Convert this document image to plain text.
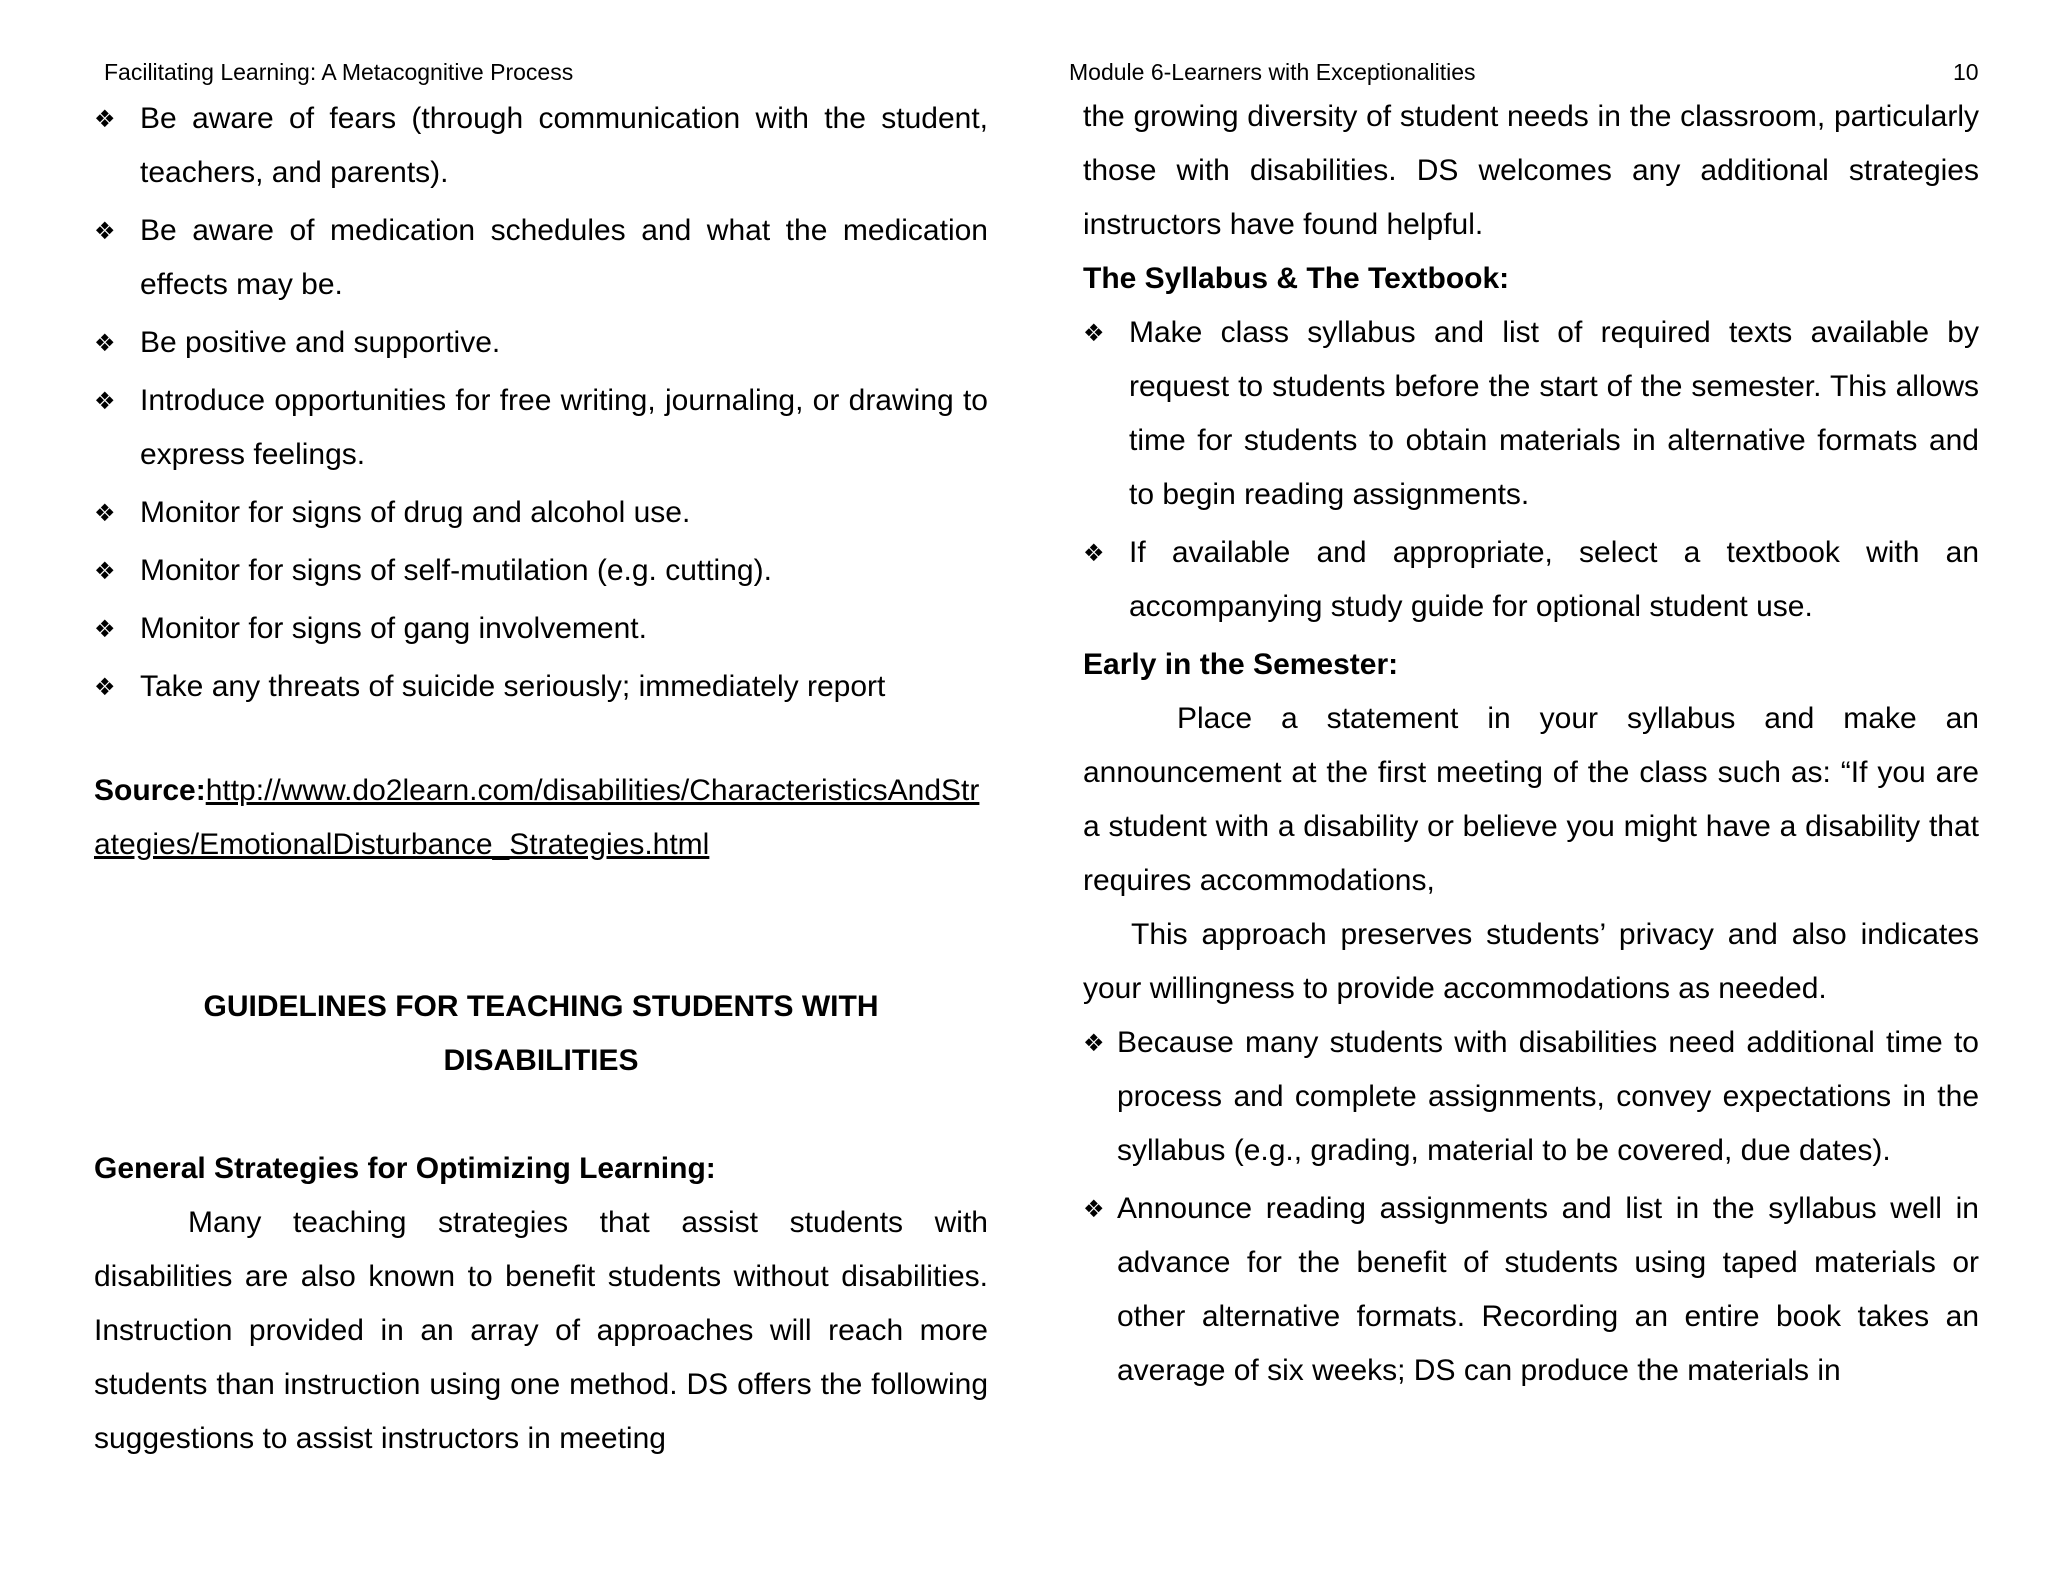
Facilitating Learning: A Metacognitive Process	Module 6-Learners with Exceptionalities	10
❖ Be aware of fears (through communication with the student, teachers, and parents).
❖ Be aware of medication schedules and what the medication effects may be.
❖ Be positive and supportive.
❖ Introduce opportunities for free writing, journaling, or drawing to express feelings.
❖ Monitor for signs of drug and alcohol use.
❖ Monitor for signs of self-mutilation (e.g. cutting).
❖ Monitor for signs of gang involvement.
❖ Take any threats of suicide seriously; immediately report

Source:http://www.do2learn.com/disabilities/CharacteristicsAndStrategies/EmotionalDisturbance_Strategies.html

GUIDELINES FOR TEACHING STUDENTS WITH
DISABILITIES

General Strategies for Optimizing Learning:

Many teaching strategies that assist students with disabilities are also known to benefit students without disabilities. Instruction provided in an array of approaches will reach more students than instruction using one method. DS offers the following suggestions to assist instructors in meeting

the growing diversity of student needs in the classroom, particularly those with disabilities. DS welcomes any additional strategies instructors have found helpful.

The Syllabus & The Textbook:

❖ Make class syllabus and list of required texts available by request to students before the start of the semester. This allows time for students to obtain materials in alternative formats and to begin reading assignments.
❖ If available and appropriate, select a textbook with an accompanying study guide for optional student use.

Early in the Semester:

Place a statement in your syllabus and make an announcement at the first meeting of the class such as: “If you are a student with a disability or believe you might have a disability that requires accommodations,

This approach preserves students’ privacy and also indicates your willingness to provide accommodations as needed.

❖ Because many students with disabilities need additional time to process and complete assignments, convey expectations in the syllabus (e.g., grading, material to be covered, due dates).
❖ Announce reading assignments and list in the syllabus well in advance for the benefit of students using taped materials or other alternative formats. Recording an entire book takes an average of six weeks; DS can produce the materials in
